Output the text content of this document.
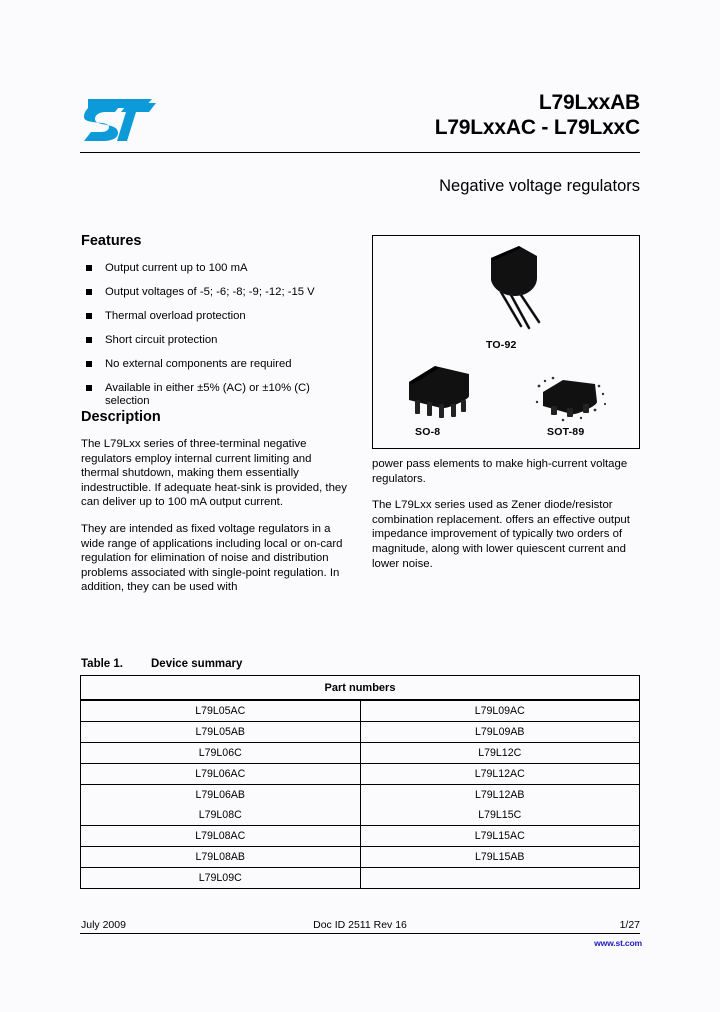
L79LxxAB
L79LxxAC - L79LxxC
Negative voltage regulators
Features
Output current up to 100 mA
Output voltages of -5; -6; -8; -9; -12; -15 V
Thermal overload protection
Short circuit protection
No external components are required
Available in either ±5% (AC) or ±10% (C) selection
Description

The L79Lxx series of three-terminal negative regulators employ internal current limiting and thermal shutdown, making them essentially indestructible. If adequate heat-sink is provided, they can deliver up to 100 mA output current.

They are intended as fixed voltage regulators in a wide range of applications including local or on-card regulation for elimination of noise and distribution problems associated with single-point regulation. In addition, they can be used with

power pass elements to make high-current voltage regulators.

The L79Lxx series used as Zener diode/resistor combination replacement. offers an effective output impedance improvement of typically two orders of magnitude, along with lower quiescent current and lower noise.

TO-92
SO-8	SOT-89
Table 1. Device summary
Part numbers	
L79L05AC	L79L09AC
L79L05AB	L79L09AB
L79L06C	L79L12C
L79L06AC	L79L12AC
L79L06AB	L79L12AB
L79L08C	L79L15C
L79L08AC	L79L15AC
L79L08AB	L79L15AB
L79L09C	
July 2009	Doc ID 2511 Rev 16	1/27
www.st.com
